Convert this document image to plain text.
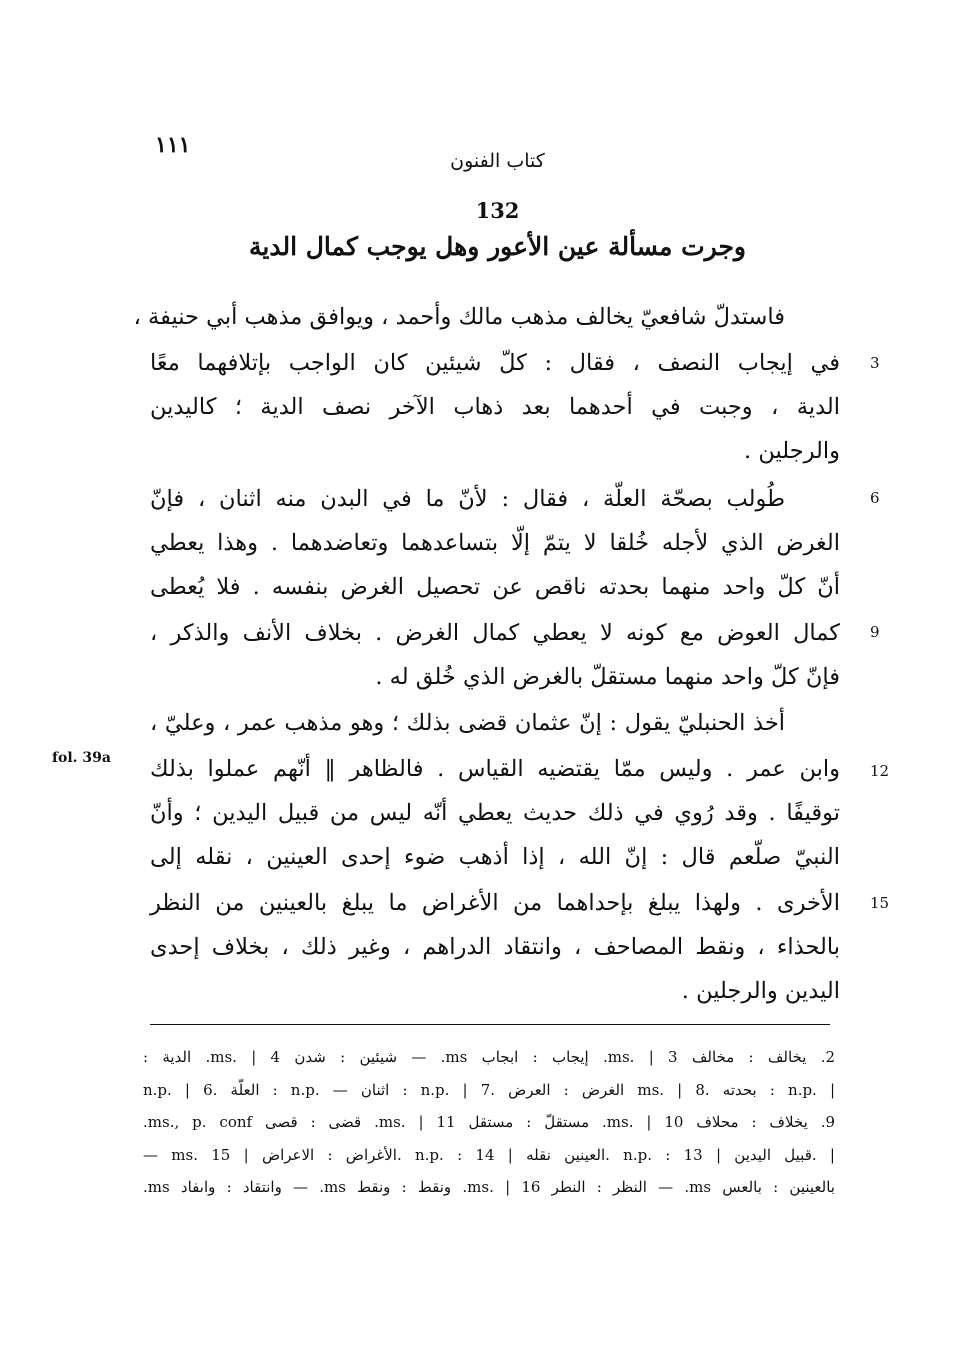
١١١
كتاب الفنون
132
وجرت مسألة عين الأعور وهل يوجب كمال الدية
fol. 39a
فاستدلّ شافعيّ يخالف مذهب مالك وأحمد ، ويوافق مذهب أبي حنيفة ،
في إيجاب النصف ، فقال : كلّ شيئين كان الواجب بإتلافهما معًا 3
الدية ، وجبت في أحدهما بعد ذهاب الآخر نصف الدية ؛ كاليدين
والرجلين .
طُولب بصحّة العلّة ، فقال : لأنّ ما في البدن منه اثنان ، فإنّ	6
الغرض الذي لأجله خُلقا لا يتمّ إلّا بتساعدهما وتعاضدهما . وهذا يعطي
أنّ كلّ واحد منهما بحدته ناقص عن تحصيل الغرض بنفسه . فلا يُعطى
كمال العوض مع كونه لا يعطي كمال الغرض . بخلاف الأنف والذكر ، 9
فإنّ كلّ واحد منهما مستقلّ بالغرض الذي خُلق له .
أخذ الحنبليّ يقول : إنّ عثمان قضى بذلك ؛ وهو مذهب عمر ، وعليّ ،
وابن عمر . وليس ممّا يقتضيه القياس . فالظاهر ‖ أنّهم عملوا بذلك 12
توقيفًا . وقد رُوي في ذلك حديث يعطي أنّه ليس من قبيل اليدين ؛ وأنّ
النبيّ صلّعم قال : إنّ الله ، إذا أذهب ضوء إحدى العينين ، نقله إلى
الأخرى . ولهذا يبلغ بإحداهما من الأغراض ما يبلغ بالعينين من النظر 15
بالحذاء ، ونقط المصاحف ، وانتقاد الدراهم ، وغير ذلك ، بخلاف إحدى
اليدين والرجلين .
2. يخالف : مخالف ms. | 3. إيجاب : ابجاب ms. — شيئين : شدن ms. | 4. الدية :
n.p. | 6. العلّة : n.p. — اثنان : n.p. | 7. الغرض : العرض ms. | 8. بحدته : n.p. |
9. يخلاف : محلاف ms. | 10. مستقلّ : مستقل ms. | 11. قضى : قصى ms., p. conf.
— ms. الأغراض : الاعراض | 15. n.p. : العينين نقله | 14. n.p. : قبيل اليدين | 13. |
بالعينين : بالعس ms. — النظر : النطر ms. | 16. ونقط : ونقط ms. — وانتقاد : واىفاد ms.
